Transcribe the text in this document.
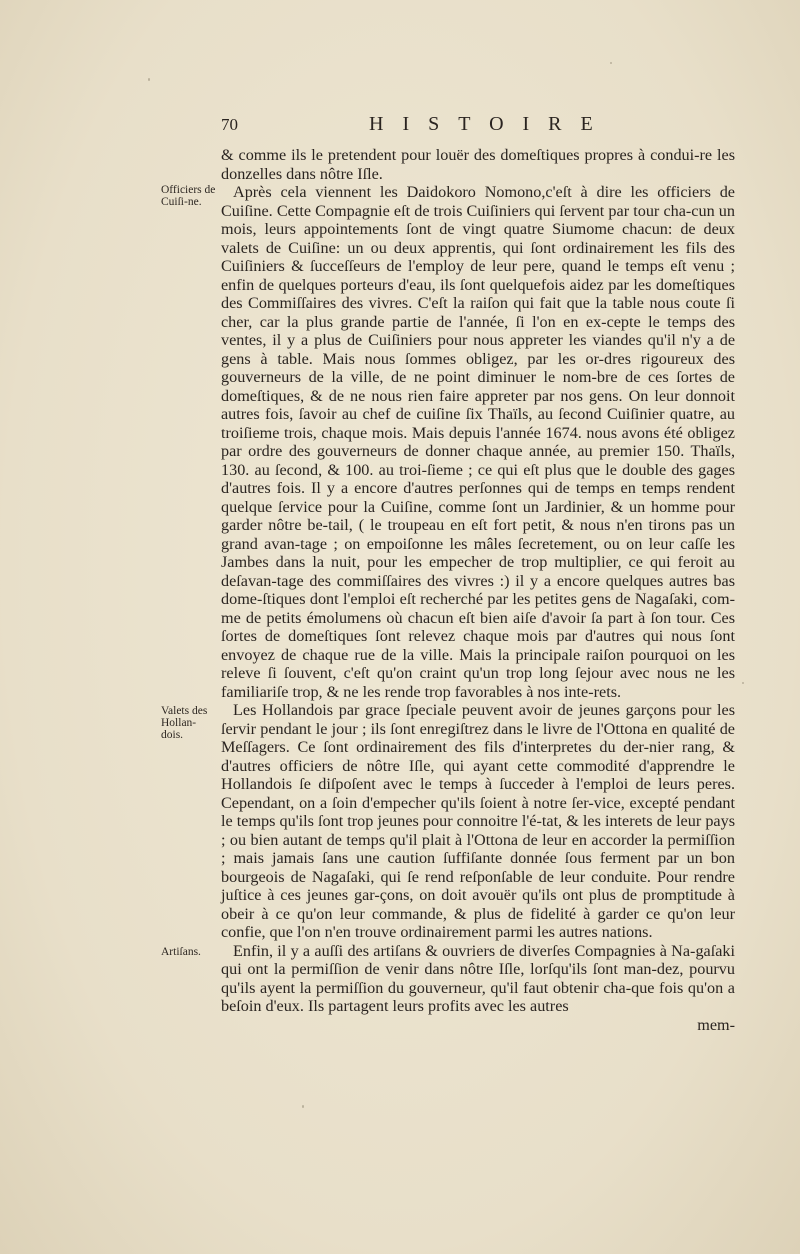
70	HISTOIRE
Officiers de Cuiſi-ne.
Valets des Hollan-dois.
Artiſans.

& comme ils le pretendent pour louër des domeſtiques propres à condui-re les donzelles dans nôtre Iſle.

Après cela viennent les Daidokoro Nomono,c'eſt à dire les officiers de Cuiſine. Cette Compagnie eſt de trois Cuiſiniers qui ſervent par tour cha-cun un mois, leurs appointements ſont de vingt quatre Siumome chacun: de deux valets de Cuiſine: un ou deux apprentis, qui ſont ordinairement les fils des Cuiſiniers & ſucceſſeurs de l'employ de leur pere, quand le temps eſt venu ; enfin de quelques porteurs d'eau, ils ſont quelquefois aidez par les domeſtiques des Commiſſaires des vivres. C'eſt la raiſon qui fait que la table nous coute ſi cher, car la plus grande partie de l'année, ſi l'on en ex-cepte le temps des ventes, il y a plus de Cuiſiniers pour nous appreter les viandes qu'il n'y a de gens à table. Mais nous ſommes obligez, par les or-dres rigoureux des gouverneurs de la ville, de ne point diminuer le nom-bre de ces ſortes de domeſtiques, & de ne nous rien faire appreter par nos gens. On leur donnoit autres fois, ſavoir au chef de cuiſine ſix Thaïls, au ſecond Cuiſinier quatre, au troiſieme trois, chaque mois. Mais depuis l'année 1674. nous avons été obligez par ordre des gouverneurs de donner chaque année, au premier 150. Thaïls, 130. au ſecond, & 100. au troi-ſieme ; ce qui eſt plus que le double des gages d'autres fois. Il y a encore d'autres perſonnes qui de temps en temps rendent quelque ſervice pour la Cuiſine, comme ſont un Jardinier, & un homme pour garder nôtre be-tail, ( le troupeau en eſt fort petit, & nous n'en tirons pas un grand avan-tage ; on empoiſonne les mâles ſecretement, ou on leur caſſe les Jambes dans la nuit, pour les empecher de trop multiplier, ce qui feroit au deſavan-tage des commiſſaires des vivres :) il y a encore quelques autres bas dome-ſtiques dont l'emploi eſt recherché par les petites gens de Nagaſaki, com-me de petits émolumens où chacun eſt bien aiſe d'avoir ſa part à ſon tour. Ces ſortes de domeſtiques ſont relevez chaque mois par d'autres qui nous ſont envoyez de chaque rue de la ville. Mais la principale raiſon pourquoi on les releve ſi ſouvent, c'eſt qu'on craint qu'un trop long ſejour avec nous ne les familiariſe trop, & ne les rende trop favorables à nos inte-rets.

Les Hollandois par grace ſpeciale peuvent avoir de jeunes garçons pour les ſervir pendant le jour ; ils ſont enregiſtrez dans le livre de l'Ottona en qualité de Meſſagers. Ce ſont ordinairement des fils d'interpretes du der-nier rang, & d'autres officiers de nôtre Iſle, qui ayant cette commodité d'apprendre le Hollandois ſe diſpoſent avec le temps à ſucceder à l'emploi de leurs peres. Cependant, on a ſoin d'empecher qu'ils ſoient à notre ſer-vice, excepté pendant le temps qu'ils ſont trop jeunes pour connoitre l'é-tat, & les interets de leur pays ; ou bien autant de temps qu'il plait à l'Ottona de leur en accorder la permiſſion ; mais jamais ſans une caution ſuffiſante donnée ſous ferment par un bon bourgeois de Nagaſaki, qui ſe rend reſponſable de leur conduite. Pour rendre juſtice à ces jeunes gar-çons, on doit avouër qu'ils ont plus de promptitude à obeir à ce qu'on leur commande, & plus de fidelité à garder ce qu'on leur confie, que l'on n'en trouve ordinairement parmi les autres nations.

Enfin, il y a auſſi des artiſans & ouvriers de diverſes Compagnies à Na-gaſaki qui ont la permiſſion de venir dans nôtre Iſle, lorſqu'ils ſont man-dez, pourvu qu'ils ayent la permiſſion du gouverneur, qu'il faut obtenir cha-que fois qu'on a beſoin d'eux. Ils partagent leurs profits avec les autres

mem-
